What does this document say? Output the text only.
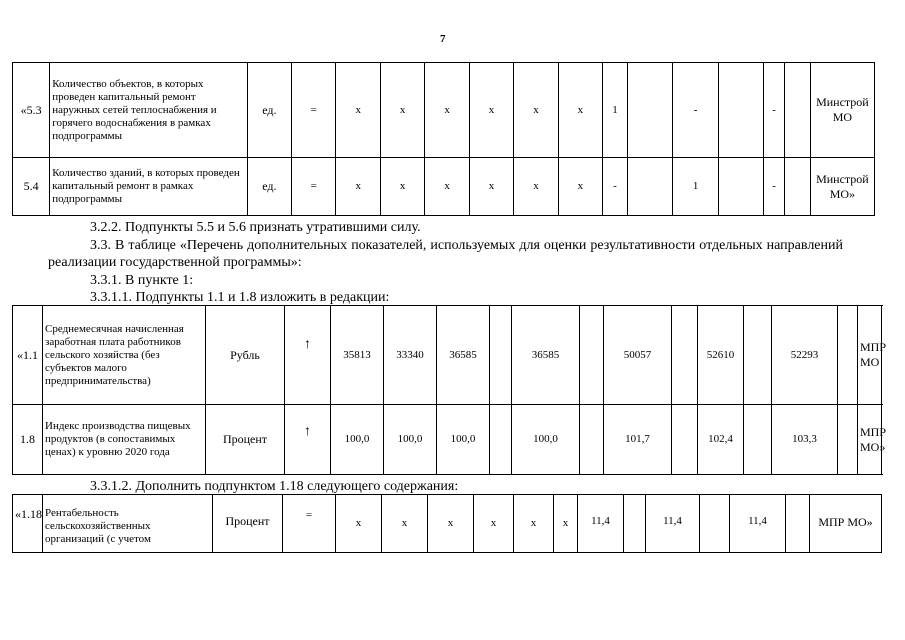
7
«5.3	Количество объектов, в которых проведен капитальный ремонт наружных сетей теплоснабжения и горячего водоснабжения в рамках подпрограммы	ед.	=	x	x	x	x	x	x	1		-		-		Минстрой МО
5.4	Количество зданий, в которых проведен капитальный ремонт в рамках подпрограммы	ед.	=	x	x	x	x	x	x	-		1		-		Минстрой МО»
3.2.2. Подпункты 5.5 и 5.6 признать утратившими силу.
3.3. В таблице «Перечень дополнительных показателей, используемых для оценки результативности отдельных направлений реализации государственной программы»:
3.3.1. В пункте 1:
3.3.1.1. Подпункты 1.1 и 1.8 изложить в редакции:
«1.1	Среднемесячная начисленная заработная плата работников сельского хозяйства (без субъектов малого предпринимательства)	Рубль	↑	35813	33340	36585		36585		50057		52610		52293		МПР МО
1.8	Индекс производства пищевых продуктов (в сопоставимых ценах) к уровню 2020 года	Процент	↑	100,0	100,0	100,0		100,0		101,7		102,4		103,3		МПР МО»
3.3.1.2. Дополнить подпунктом 1.18 следующего содержания:
«1.18	Рентабельность сельскохозяйственных организаций (с учетом	Процент	=	x	x	x	x	x	x	11,4		11,4		11,4		МПР МО»
